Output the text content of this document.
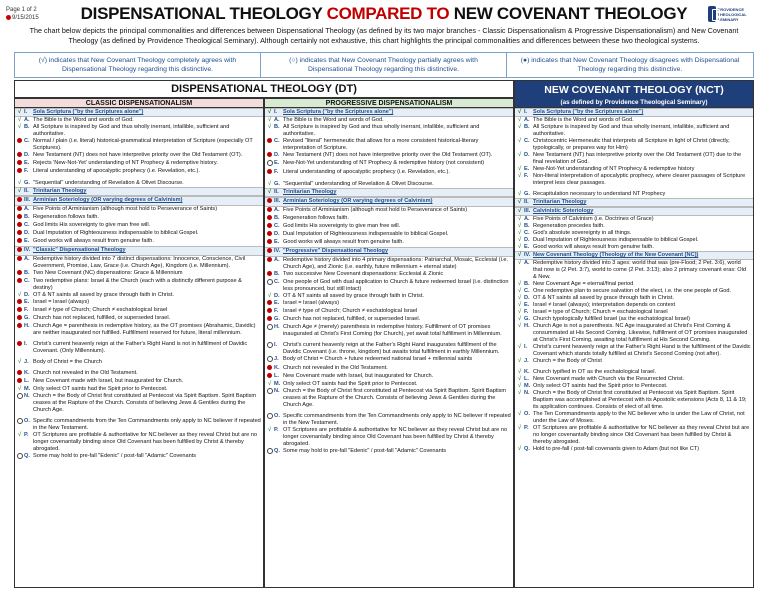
Page 1 of 2
9/15/2015	DISPENSATIONAL THEOLOGY COMPARED TO NEW COVENANT THEOLOGY	PROVIDENCE THEOLOGICAL SEMINARY
The chart below depicts the principal commonalities and differences between Dispensational Theology (as defined by its two major branches - Classic Dispensationalism & Progressive Dispensationalism) and New Covenant Theology (as defined by Providence Theological Seminary). Although certainly not exhaustive, this chart highlights the principal commonalities and differences between these two theological systems.
(√) indicates that New Covenant Theology completely agrees with Dispensational Theology regarding this distinctive.
(○) indicates that New Covenant Theology partially agrees with Dispensational Theology regarding this distinctive.
(●) indicates that New Covenant Theology disagrees with Dispensational Theology regarding this distinctive.
DISPENSATIONAL THEOLOGY (DT)
CLASSIC DISPENSATIONALISM	PROGRESSIVE DISPENSATIONALISM
NEW COVENANT THEOLOGY (NCT)
(as defined by Providence Theological Seminary)
√ I.	Sola Scriptura ("by the Scriptures alone")
√ A. The Bible is the Word and words of God.
√ B. All Scripture is inspired by God and thus wholly inerrant, infallible, sufficient and authoritative.
C. Normal / plain (i.e. literal) historical-grammatical interpretation of Scripture (especially OT Scriptures).
D. New Testament (NT) does not have interpretive priority over the Old Testament (OT).
E. Rejects 'New-Not-Yet' understanding of NT Prophecy & redemptive history.
F. Literal understanding of apocalyptic prophecy (i.e. Revelation, etc.).
√ G. "Sequential" understanding of Revelation & Olivet Discourse.
√ II. Trinitarian Theology
III. Arminian Soteriology (OR varying degrees of Calvinism)
A. Five Points of Arminianism (although most hold to Perseverance of Saints)
B. Regeneration follows faith.
C. God limits His sovereignty to give man free will.
D. Dual Imputation of Righteousness indispensable to biblical Gospel.
E. Good works will always result from genuine faith.
IV. "Classic" Dispensational Theology
A. Redemptive history divided into 7 distinct dispensations: Innocence, Conscience, Civil Government, Promise, Law, Grace (i.e. Church Age), Kingdom (i.e. Millennium).
B. Two New Covenant (NC) dispensations: Grace & Millennium
C. Two redemptive plans: Israel & the Church (each with a distinctly different purpose & destiny)
√ D. OT & NT saints all saved by grace through faith in Christ.
E. Israel = Israel (always)
F. Israel ≠ type of Church; Church ≠ eschatological Israel
G. Church has not replaced, fulfilled, or superseded Israel.
H. Church Age = parenthesis in redemptive history, as the OT promises (Abrahamic, Davidic) are neither inaugurated nor fulfilled. Fulfillment reserved for future, literal millennium.
I.	Christ's current heavenly reign at the Father's Right Hand is not in fulfillment of Davidic Covenant. (Only Millennium).
√ J. Body of Christ = the Church
K. Church not revealed in the Old Testament.
L. New Covenant made with Israel, but inaugurated for Church.
√ M. Only select OT saints had the Spirit prior to Pentecost.
N. Church = the Body of Christ first constituted at Pentecost via Spirit Baptism. Spirit Baptism ceases at the Rapture of the Church. Consists of believing Jews & Gentiles during the Church Age.
O. Specific commandments from the Ten Commandments only apply to NC believer if repeated in the New Testament.
√ P. OT Scriptures are profitable & authoritative for NC believer as they reveal Christ but are no longer covenantally binding since Old Covenant has been fulfilled by Christ & thereby abrogated.
Q. Some may hold to pre-fall "Edenic" / post-fall "Adamic" Covenants
√ I.	Sola Scriptura ("by the Scriptures alone")
√ A. The Bible is the Word and words of God.
√ B. All Scripture is inspired by God and thus wholly inerrant, infallible, sufficient and authoritative.
C. Revised "literal" hermeneutic that allows for a more consistent historical-literary interpretation of Scripture.
D. New Testament (NT) does not have interpretive priority over the Old Testament (OT).
E. New-Not-Yet understanding of NT Prophecy & redemptive history (not consistent)
F. Literal understanding of apocalyptic prophecy (i.e. Revelation, etc.).
√ G. "Sequential" understanding of Revelation & Olivet Discourse.
√ II. Trinitarian Theology
III. Arminian Soteriology (OR varying degrees of Calvinism)
A. Five Points of Arminianism (although most hold to Perseverance of Saints)
B. Regeneration follows faith.
C. God limits His sovereignty to give man free will.
D. Dual Imputation of Righteousness indispensable to biblical Gospel.
E. Good works will always result from genuine faith.
IV. "Progressive" Dispensational Theology
A. Redemptive history divided into 4 primary dispensations: Patriarchal, Mosaic, Ecclesial (i.e. Church Age), and Zionic (i.e. earthly, future millennium + eternal state)
B. Two successive New Covenant dispensations: Ecclesial & Zionic
C. One people of God with dual application to Church & future redeemed Israel (i.e. distinction less pronounced, but still intact)
√ D. OT & NT saints all saved by grace through faith in Christ.
E. Israel = Israel (always)
F. Israel ≠ type of Church; Church ≠ eschatological Israel
G. Church has not replaced, fulfilled, or superseded Israel.
H. Church Age ≠ (merely) parenthesis in redemptive history. Fulfillment of OT promises inaugurated at Christ's First Coming (for Church), yet await total fulfillment in Millennium.
I.	Christ's current heavenly reign at the Father's Right Hand inaugurates fulfillment of the Davidic Covenant (i.e. throne, kingdom) but awaits total fulfillment in earthly Millennium.
J. Body of Christ = Church + future redeemed national Israel + millennial saints
K. Church not revealed in the Old Testament.
L. New Covenant made with Israel, but inaugurated for Church.
√ M. Only select OT saints had the Spirit prior to Pentecost.
N. Church = the Body of Christ first constituted at Pentecost via Spirit Baptism. Spirit Baptism ceases at the Rapture of the Church. Consists of believing Jews & Gentiles during the Church Age.
O. Specific commandments from the Ten Commandments only apply to NC believer if repeated in the New Testament.
√ P. OT Scriptures are profitable & authoritative for NC believer as they reveal Christ but are no longer covenantally binding since Old Covenant has been fulfilled by Christ & thereby abrogated.
Q. Some may hold to pre-fall "Edenic" / post-fall "Adamic" Covenants
√ I.	Sola Scriptura ("by the Scriptures alone")
√ A. The Bible is the Word and words of God.
√ B. All Scripture is inspired by God and thus wholly inerrant, infallible, sufficient and authoritative.
√ C. Christocentric Hermeneutic that interprets all Scripture in light of Christ (directly, typologically, or prepares way for Him)
√ D. New Testament (NT) has interpretive priority over the Old Testament (OT) due to the final revelation of God.
√ E. New-Not-Yet understanding of NT Prophecy & redemptive history
√ F. Non-literal interpretation of apocalyptic prophecy, where clearer passages of Scripture interpret less clear passages.
√ G. Recapitulation necessary to understand NT Prophecy
√ II. Trinitarian Theology
√ III. Calvinistic Soteriology
√ A. Five Points of Calvinism (i.e. Doctrines of Grace)
√ B. Regeneration precedes faith.
√ C. God's absolute sovereignty in all things.
√ D. Dual Imputation of Righteousness indispensable to biblical Gospel.
√ E. Good works will always result from genuine faith.
√ IV. New Covenant Theology (Theology of the New Covenant [NC])
√ A. Redemptive history divided into 3 ages: world that was (pre-Flood; 2 Pet. 3:6), world that now is (2 Pet. 3:7), world to come (2 Pet. 3:13); also 2 primary covenant eras: Old & New.
√ B. New Covenant Age = eternal/final period
√ C. One redemptive plan to secure salvation of the elect, i.e. the one people of God.
√ D. OT & NT saints all saved by grace through faith in Christ.
√ E. Israel ≠ Israel (always); interpretation depends on context
√ F. Israel = type of Church; Church = eschatological Israel
√ G. Church typologically fulfilled Israel (as the eschatological Israel)
√ H. Church Age is not a parenthesis. NC Age inaugurated at Christ's First Coming & consummated at His Second Coming. Likewise, fulfillment of OT promises inaugurated at Christ's First Coming, awaiting total fulfillment at His Second Coming.
√ I.	Christ's current heavenly reign at the Father's Right Hand is the fulfillment of the Davidic Covenant which stands totally fulfilled at Christ's Second Coming (not after).
√ J. Church = the Body of Christ
√ K. Church typified in OT as the eschatological Israel.
√ L. New Covenant made with Church via the Resurrected Christ.
√ M. Only select OT saints had the Spirit prior to Pentecost.
√ N. Church = the Body of Christ first constituted at Pentecost via Spirit Baptism. Spirit Baptism was accomplished at Pentecost with its Apostolic extensions (Acts 8, 11 & 19; its application continues. Consists of elect of all time.
√ O. The Ten Commandments apply to the NC believer who is under the Law of Christ, not under the Law of Moses.
√ P. OT Scriptures are profitable & authoritative for NC believer as they reveal Christ but are no longer covenantally binding since Old Covenant has been fulfilled by Christ & thereby abrogated.
√ Q. Hold to pre-fall / post-fall covenants given to Adam (but not like CT)
